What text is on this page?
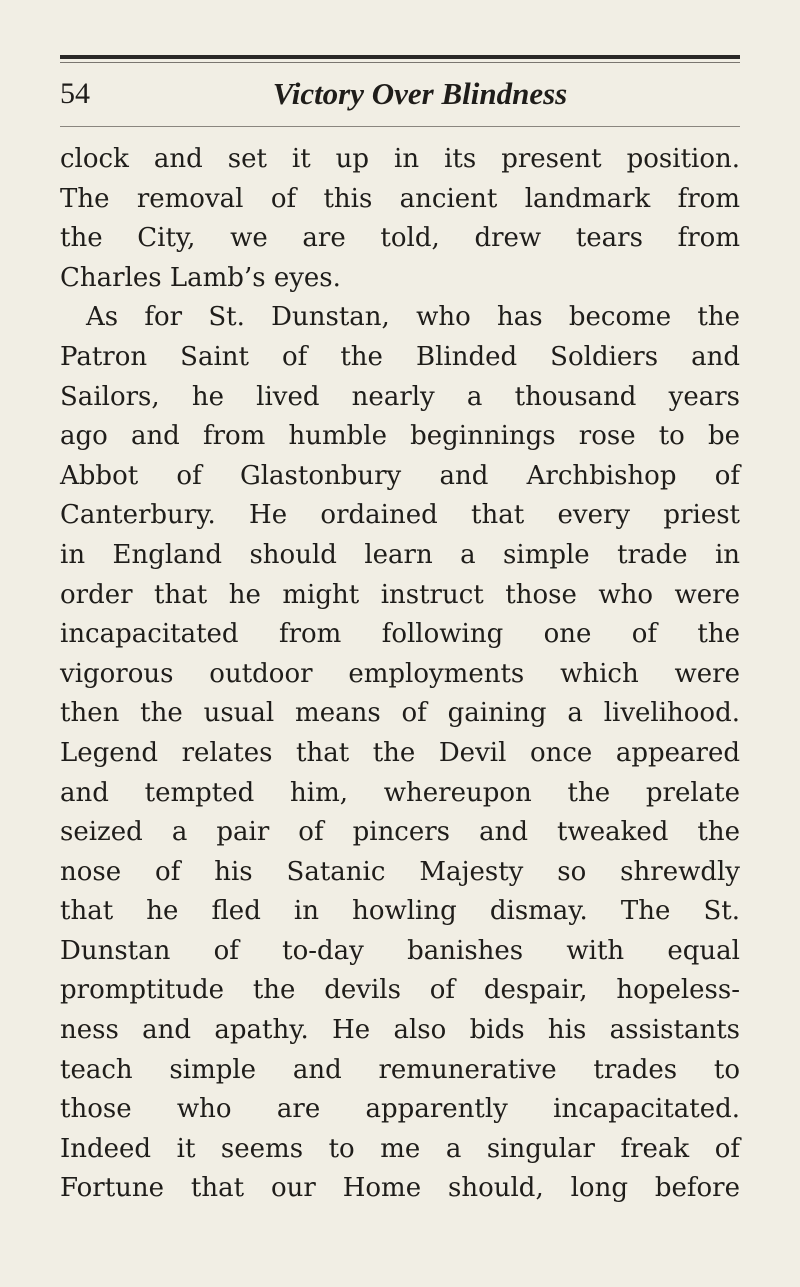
54	Victory Over Blindness
clock and set it up in its present position.
The removal of this ancient landmark from
the City, we are told, drew tears from
Charles Lamb’s eyes.
As for St. Dunstan, who has become the
Patron Saint of the Blinded Soldiers and
Sailors, he lived nearly a thousand years
ago and from humble beginnings rose to be
Abbot of Glastonbury and Archbishop of
Canterbury. He ordained that every priest
in England should learn a simple trade in
order that he might instruct those who were
incapacitated from following one of the
vigorous outdoor employments which were
then the usual means of gaining a livelihood.
Legend relates that the Devil once appeared
and tempted him, whereupon the prelate
seized a pair of pincers and tweaked the
nose of his Satanic Majesty so shrewdly
that he fled in howling dismay. The St.
Dunstan of to-day banishes with equal
promptitude the devils of despair, hopeless-
ness and apathy. He also bids his assistants
teach simple and remunerative trades to
those who are apparently incapacitated.
Indeed it seems to me a singular freak of
Fortune that our Home should, long before
